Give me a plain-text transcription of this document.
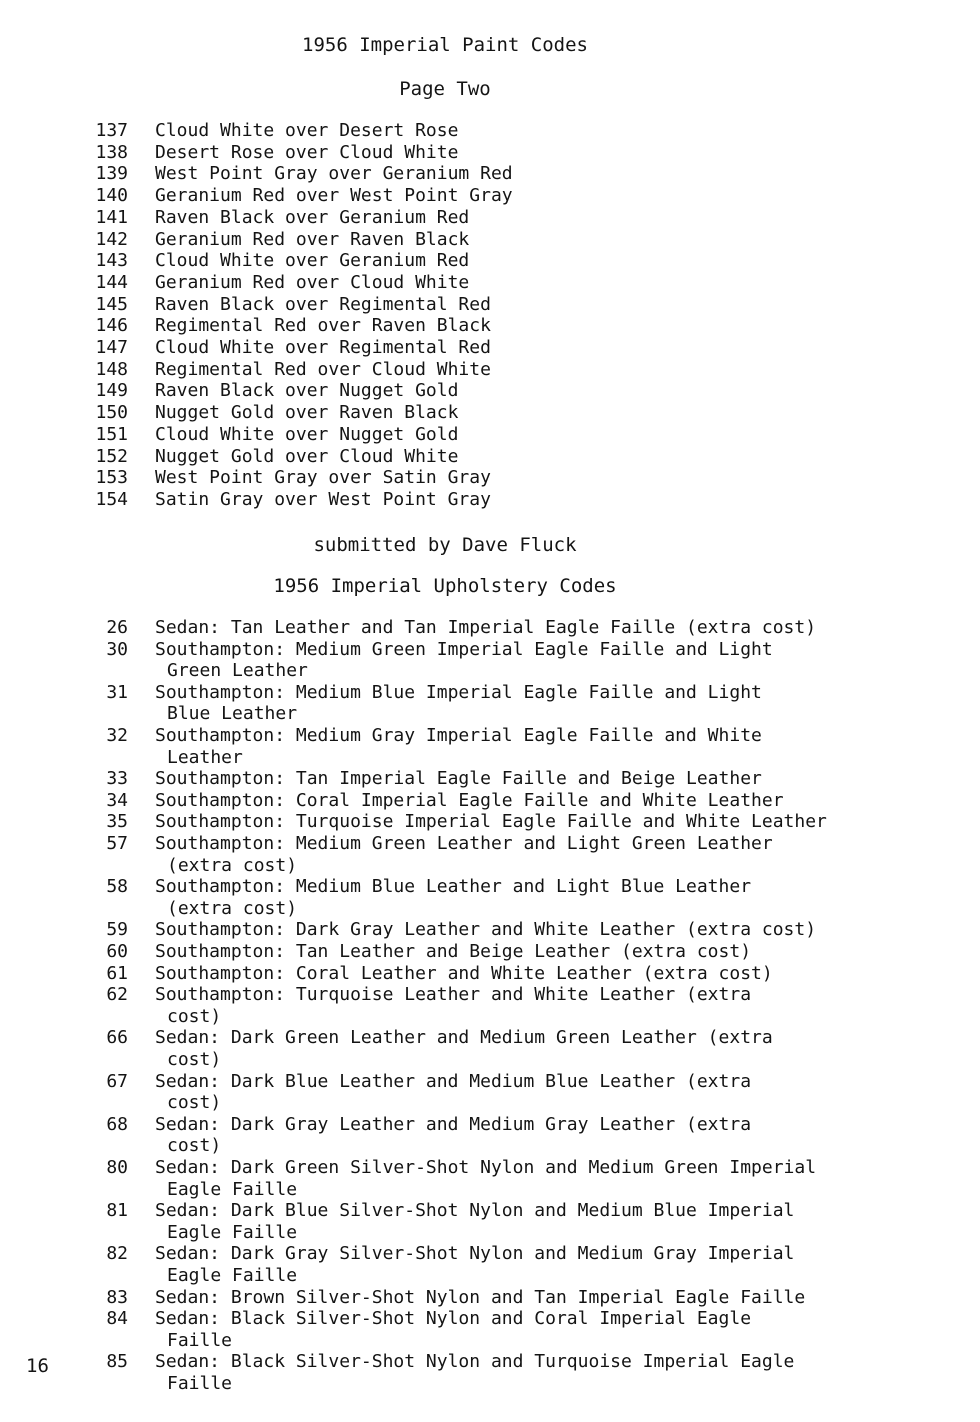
1956 Imperial Paint Codes
Page Two
137 Cloud White over Desert Rose
138 Desert Rose over Cloud White
139 West Point Gray over Geranium Red
140 Geranium Red over West Point Gray
141 Raven Black over Geranium Red
142 Geranium Red over Raven Black
143 Cloud White over Geranium Red
144 Geranium Red over Cloud White
145 Raven Black over Regimental Red
146 Regimental Red over Raven Black
147 Cloud White over Regimental Red
148 Regimental Red over Cloud White
149 Raven Black over Nugget Gold
150 Nugget Gold over Raven Black
151 Cloud White over Nugget Gold
152 Nugget Gold over Cloud White
153 West Point Gray over Satin Gray
154 Satin Gray over West Point Gray
submitted by Dave Fluck
1956 Imperial Upholstery Codes
26 Sedan: Tan Leather and Tan Imperial Eagle Faille (extra cost)
30 Southampton: Medium Green Imperial Eagle Faille and Light
Green Leather
31 Southampton: Medium Blue Imperial Eagle Faille and Light
Blue Leather
32 Southampton: Medium Gray Imperial Eagle Faille and White
Leather
33 Southampton: Tan Imperial Eagle Faille and Beige Leather
34 Southampton: Coral Imperial Eagle Faille and White Leather
35 Southampton: Turquoise Imperial Eagle Faille and White Leather
57 Southampton: Medium Green Leather and Light Green Leather
(extra cost)
58 Southampton: Medium Blue Leather and Light Blue Leather
(extra cost)
59 Southampton: Dark Gray Leather and White Leather (extra cost)
60 Southampton: Tan Leather and Beige Leather (extra cost)
61 Southampton: Coral Leather and White Leather (extra cost)
62 Southampton: Turquoise Leather and White Leather (extra
cost)
66 Sedan: Dark Green Leather and Medium Green Leather (extra
cost)
67 Sedan: Dark Blue Leather and Medium Blue Leather (extra
cost)
68 Sedan: Dark Gray Leather and Medium Gray Leather (extra
cost)
80 Sedan: Dark Green Silver-Shot Nylon and Medium Green Imperial
Eagle Faille
81 Sedan: Dark Blue Silver-Shot Nylon and Medium Blue Imperial
Eagle Faille
82 Sedan: Dark Gray Silver-Shot Nylon and Medium Gray Imperial
Eagle Faille
83 Sedan: Brown Silver-Shot Nylon and Tan Imperial Eagle Faille
84 Sedan: Black Silver-Shot Nylon and Coral Imperial Eagle
Faille
85 Sedan: Black Silver-Shot Nylon and Turquoise Imperial Eagle
Faille
16
